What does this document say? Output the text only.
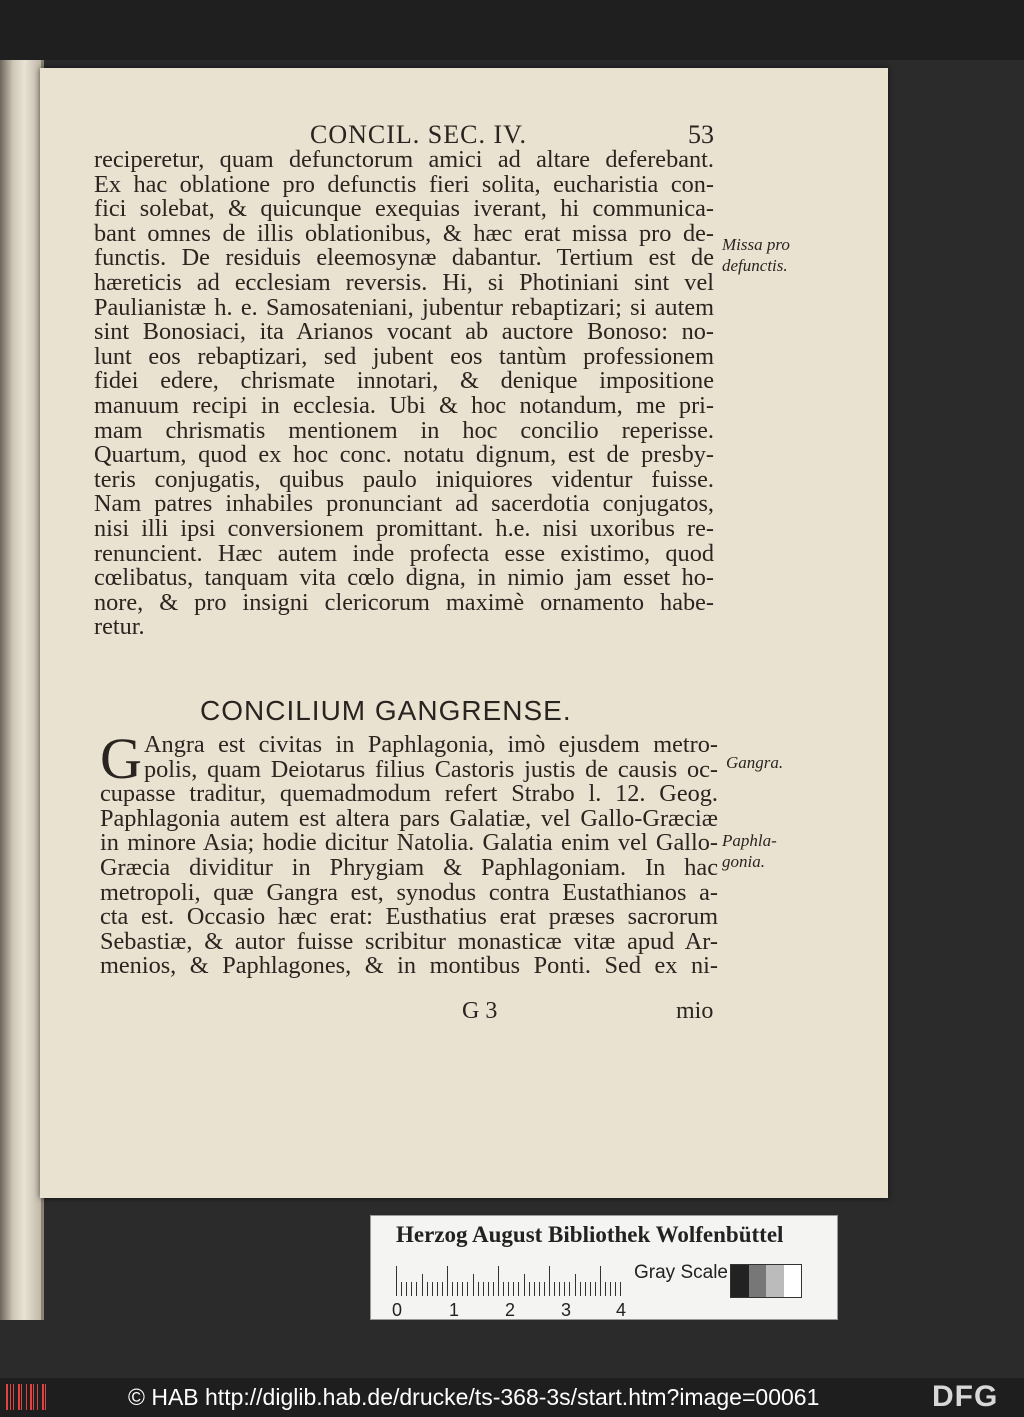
CONCIL. SEC. IV.	53
reciperetur, quam defunctorum amici ad altare deferebant.
Ex hac oblatione pro defunctis fieri solita, eucharistia con-
fici solebat, & quicunque exequias iverant, hi communica-
bant omnes de illis oblationibus, & hæc erat missa pro de-
functis. De residuis eleemosynæ dabantur. Tertium est de
hæreticis ad ecclesiam reversis. Hi, si Photiniani sint vel
Paulianistæ h. e. Samosateniani, jubentur rebaptizari; si autem
sint Bonosiaci, ita Arianos vocant ab auctore Bonoso: no-
lunt eos rebaptizari, sed jubent eos tantùm professionem
fidei edere, chrismate innotari, & denique impositione
manuum recipi in ecclesia. Ubi & hoc notandum, me pri-
mam chrismatis mentionem in hoc concilio reperisse.
Quartum, quod ex hoc conc. notatu dignum, est de presby-
teris conjugatis, quibus paulo iniquiores videntur fuisse.
Nam patres inhabiles pronunciant ad sacerdotia conjugatos,
nisi illi ipsi conversionem promittant. h.e. nisi uxoribus re-
renuncient. Hæc autem inde profecta esse existimo, quod
cœlibatus, tanquam vita cœlo digna, in nimio jam esset ho-
nore, & pro insigni clericorum maximè ornamento habe-
retur.
Missa pro
defunctis.
CONCILIUM GANGRENSE.
G Angra est civitas in Paphlagonia, imò ejusdem metro-
polis, quam Deiotarus filius Castoris justis de causis oc-
cupasse traditur, quemadmodum refert Strabo l. 12. Geog.
Paphlagonia autem est altera pars Galatiæ, vel Gallo-Græciæ
in minore Asia; hodie dicitur Natolia. Galatia enim vel Gallo-
Græcia dividitur in Phrygiam & Paphlagoniam. In hac
metropoli, quæ Gangra est, synodus contra Eustathianos a-
cta est. Occasio hæc erat: Eusthatius erat præses sacrorum
Sebastiæ, & autor fuisse scribitur monasticæ vitæ apud Ar-
menios, & Paphlagones, & in montibus Ponti. Sed ex ni-
Gangra.
Paphla-
gonia.
G 3	mio
Herzog August Bibliothek Wolfenbüttel
0	1	2	3 4
Gray Scale
© HAB http://diglib.hab.de/drucke/ts-368-3s/start.htm?image=00061	DFG
